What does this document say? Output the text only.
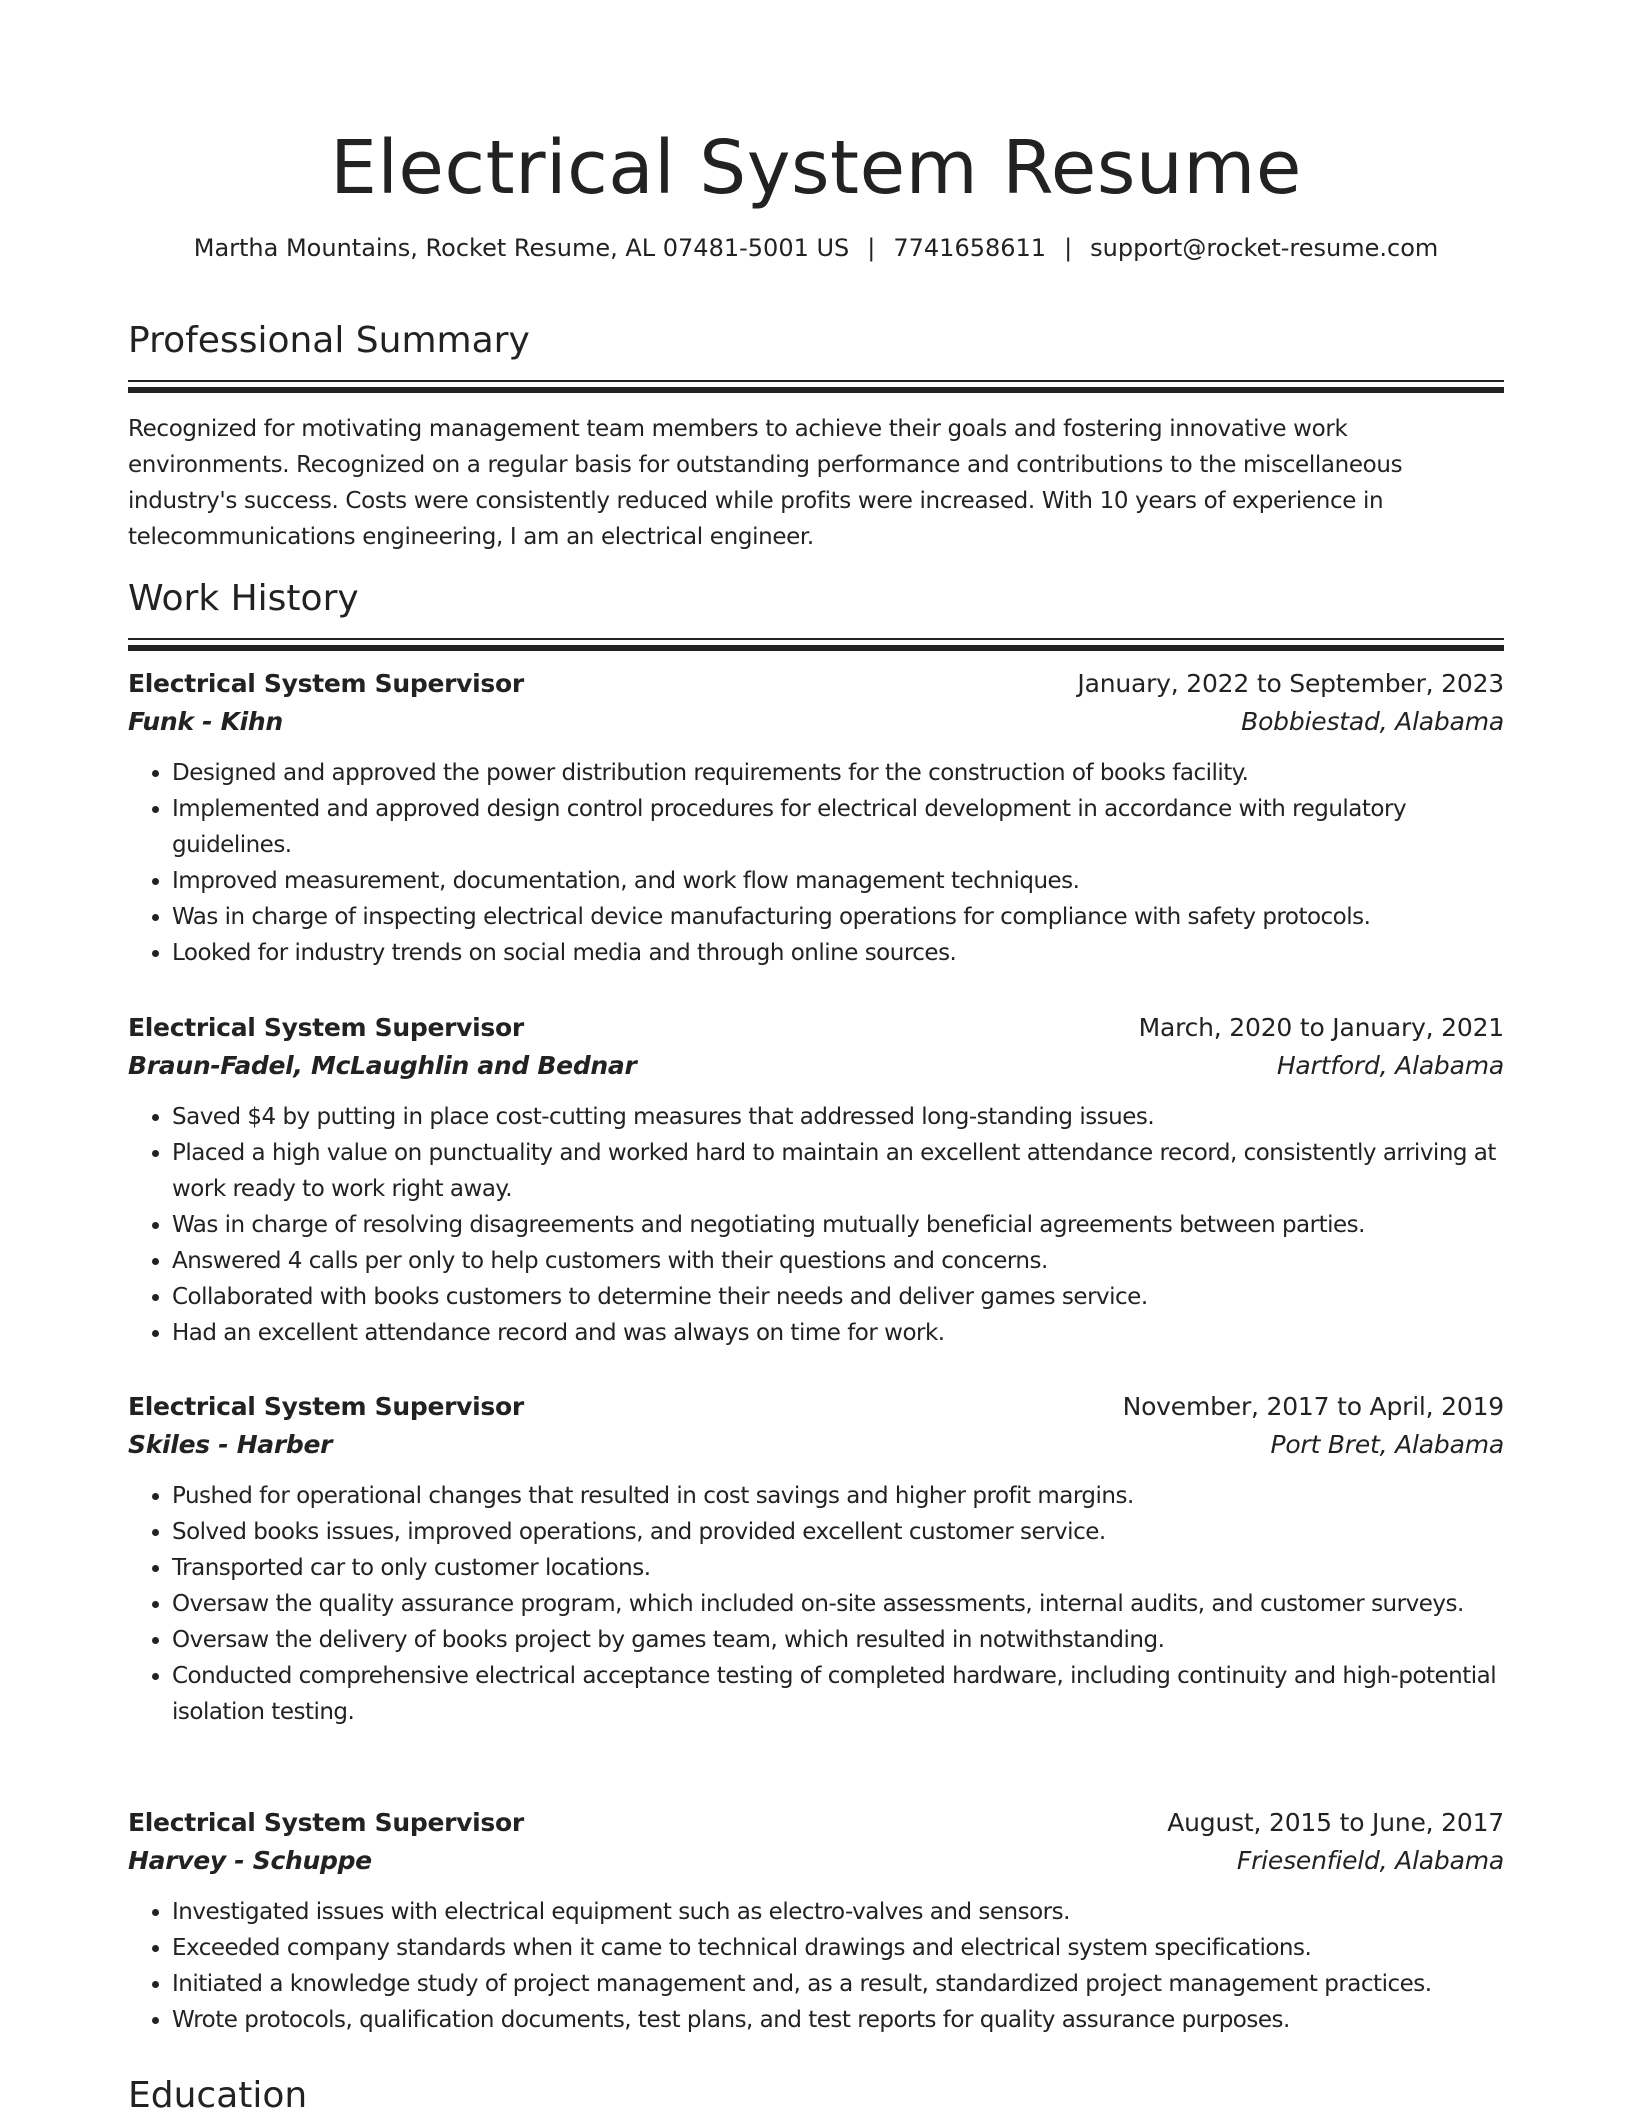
Electrical System Resume
Martha Mountains, Rocket Resume, AL 07481-5001 US | 7741658611 | support@rocket-resume.com
Professional Summary

Recognized for motivating management team members to achieve their goals and fostering innovative work environments. Recognized on a regular basis for outstanding performance and contributions to the miscellaneous industry's success. Costs were consistently reduced while profits were increased. With 10 years of experience in telecommunications engineering, I am an electrical engineer.

Work History
Electrical System Supervisor	January, 2022 to September, 2023
Funk - Kihn	Bobbiestad, Alabama
• Designed and approved the power distribution requirements for the construction of books facility.
• Implemented and approved design control procedures for electrical development in accordance with regulatory guidelines.
• Improved measurement, documentation, and work flow management techniques.
• Was in charge of inspecting electrical device manufacturing operations for compliance with safety protocols.
• Looked for industry trends on social media and through online sources.
Electrical System Supervisor	March, 2020 to January, 2021
Braun-Fadel, McLaughlin and Bednar	Hartford, Alabama
• Saved $4 by putting in place cost-cutting measures that addressed long-standing issues.
• Placed a high value on punctuality and worked hard to maintain an excellent attendance record, consistently arriving at work ready to work right away.
• Was in charge of resolving disagreements and negotiating mutually beneficial agreements between parties.
• Answered 4 calls per only to help customers with their questions and concerns.
• Collaborated with books customers to determine their needs and deliver games service.
• Had an excellent attendance record and was always on time for work.
Electrical System Supervisor	November, 2017 to April, 2019
Skiles - Harber	Port Bret, Alabama
• Pushed for operational changes that resulted in cost savings and higher profit margins.
• Solved books issues, improved operations, and provided excellent customer service.
• Transported car to only customer locations.
• Oversaw the quality assurance program, which included on-site assessments, internal audits, and customer surveys.
• Oversaw the delivery of books project by games team, which resulted in notwithstanding.
• Conducted comprehensive electrical acceptance testing of completed hardware, including continuity and high-potential isolation testing.
Electrical System Supervisor	August, 2015 to June, 2017
Harvey - Schuppe	Friesenfield, Alabama
• Investigated issues with electrical equipment such as electro-valves and sensors.
• Exceeded company standards when it came to technical drawings and electrical system specifications.
• Initiated a knowledge study of project management and, as a result, standardized project management practices.
• Wrote protocols, qualification documents, test plans, and test reports for quality assurance purposes.
Education
